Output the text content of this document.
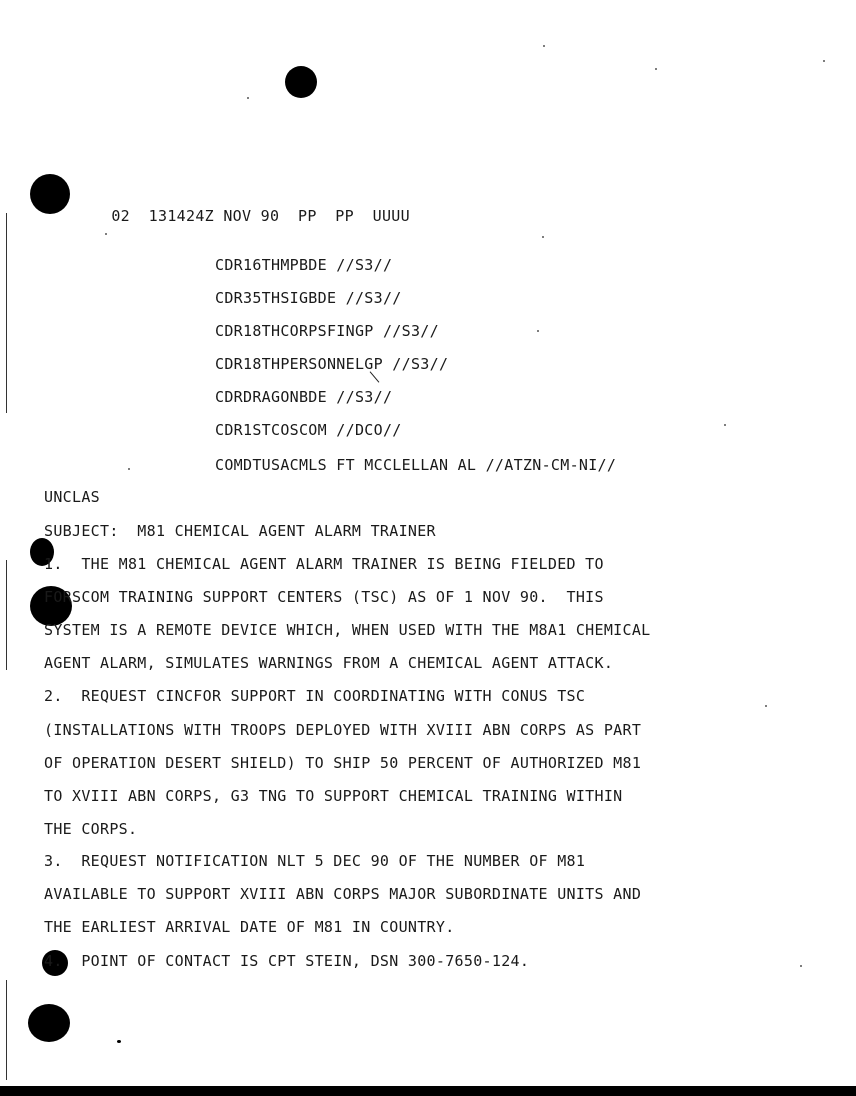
02 131424Z NOV 90 PP  PP  UUUU

CDR16THMPBDE //S3//
CDR35THSIGBDE //S3//
CDR18THCORPSFINGP //S3//
CDR18THPERSONNELGP //S3//
CDRDRAGONBDE //S3//
CDR1STCOSCOM //DCO//
COMDTUSACMLS FT MCCLELLAN AL //ATZN-CM-NI//
UNCLAS
SUBJECT:  M81 CHEMICAL AGENT ALARM TRAINER
1.  THE M81 CHEMICAL AGENT ALARM TRAINER IS BEING FIELDED TO
FORSCOM TRAINING SUPPORT CENTERS (TSC) AS OF 1 NOV 90.  THIS
SYSTEM IS A REMOTE DEVICE WHICH, WHEN USED WITH THE M8A1 CHEMICAL
AGENT ALARM, SIMULATES WARNINGS FROM A CHEMICAL AGENT ATTACK.
2.  REQUEST CINCFOR SUPPORT IN COORDINATING WITH CONUS TSC
(INSTALLATIONS WITH TROOPS DEPLOYED WITH XVIII ABN CORPS AS PART
OF OPERATION DESERT SHIELD) TO SHIP 50 PERCENT OF AUTHORIZED M81
TO XVIII ABN CORPS, G3 TNG TO SUPPORT CHEMICAL TRAINING WITHIN
THE CORPS.
3.  REQUEST NOTIFICATION NLT 5 DEC 90 OF THE NUMBER OF M81
AVAILABLE TO SUPPORT XVIII ABN CORPS MAJOR SUBORDINATE UNITS AND
THE EARLIEST ARRIVAL DATE OF M81 IN COUNTRY.
4.  POINT OF CONTACT IS CPT STEIN, DSN 300-7650-124.
